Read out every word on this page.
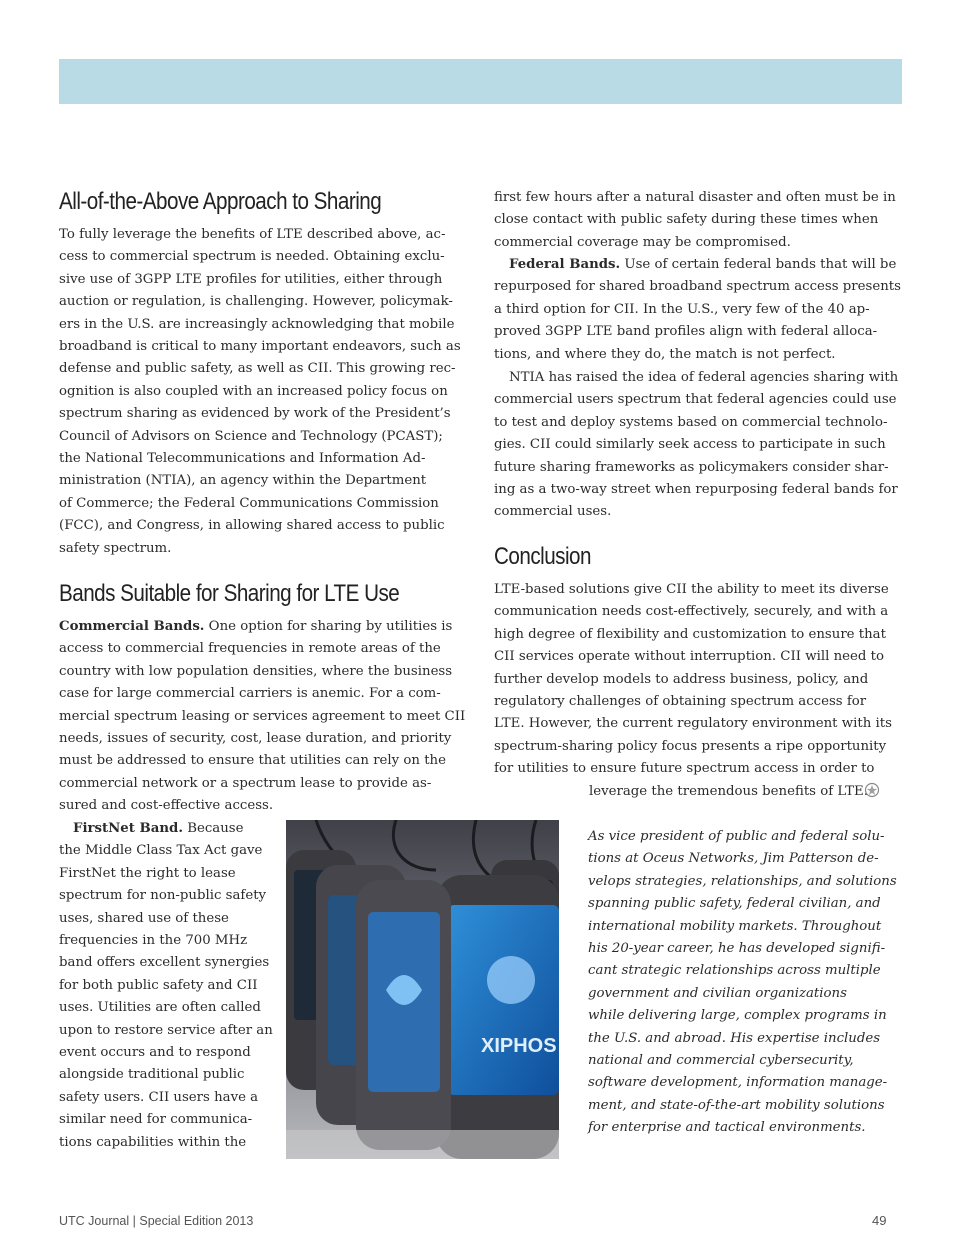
All-of-the-Above Approach to Sharing
To fully leverage the benefits of LTE described above, ac-
cess to commercial spectrum is needed. Obtaining exclu-
sive use of 3GPP LTE profiles for utilities, either through
auction or regulation, is challenging. However, policymak-
ers in the U.S. are increasingly acknowledging that mobile
broadband is critical to many important endeavors, such as
defense and public safety, as well as CII. This growing rec-
ognition is also coupled with an increased policy focus on
spectrum sharing as evidenced by work of the President’s
Council of Advisors on Science and Technology (PCAST);
the National Telecommunications and Information Ad-
ministration (NTIA), an agency within the Department
of Commerce; the Federal Communications Commission
(FCC), and Congress, in allowing shared access to public
safety spectrum.
Bands Suitable for Sharing for LTE Use
Commercial Bands. One option for sharing by utilities is
access to commercial frequencies in remote areas of the
country with low population densities, where the business
case for large commercial carriers is anemic. For a com-
mercial spectrum leasing or services agreement to meet CII
needs, issues of security, cost, lease duration, and priority
must be addressed to ensure that utilities can rely on the
commercial network or a spectrum lease to provide as-
sured and cost-effective access.
FirstNet Band. Because
the Middle Class Tax Act gave
FirstNet the right to lease
spectrum for non-public safety
uses, shared use of these
frequencies in the 700 MHz
band offers excellent synergies
for both public safety and CII
uses. Utilities are often called
upon to restore service after an
event occurs and to respond
alongside traditional public
safety users. CII users have a
similar need for communica-
tions capabilities within the
XIPHOS
first few hours after a natural disaster and often must be in
close contact with public safety during these times when
commercial coverage may be compromised.
Federal Bands. Use of certain federal bands that will be
repurposed for shared broadband spectrum access presents
a third option for CII. In the U.S., very few of the 40 ap-
proved 3GPP LTE band profiles align with federal alloca-
tions, and where they do, the match is not perfect.
NTIA has raised the idea of federal agencies sharing with
commercial users spectrum that federal agencies could use
to test and deploy systems based on commercial technolo-
gies. CII could similarly seek access to participate in such
future sharing frameworks as policymakers consider shar-
ing as a two-way street when repurposing federal bands for
commercial uses.
Conclusion
LTE-based solutions give CII the ability to meet its diverse
communication needs cost-effectively, securely, and with a
high degree of flexibility and customization to ensure that
CII services operate without interruption. CII will need to
further develop models to address business, policy, and
regulatory challenges of obtaining spectrum access for
LTE. However, the current regulatory environment with its
spectrum-sharing policy focus presents a ripe opportunity
for utilities to ensure future spectrum access in order to
leverage the tremendous benefits of LTE.
As vice president of public and federal solu-
tions at Oceus Networks, Jim Patterson de-
velops strategies, relationships, and solutions
spanning public safety, federal civilian, and
international mobility markets. Throughout
his 20-year career, he has developed signifi-
cant strategic relationships across multiple
government and civilian organizations
while delivering large, complex programs in
the U.S. and abroad. His expertise includes
national and commercial cybersecurity,
software development, information manage-
ment, and state-of-the-art mobility solutions
for enterprise and tactical environments.
UTC Journal | Special Edition 2013	49
